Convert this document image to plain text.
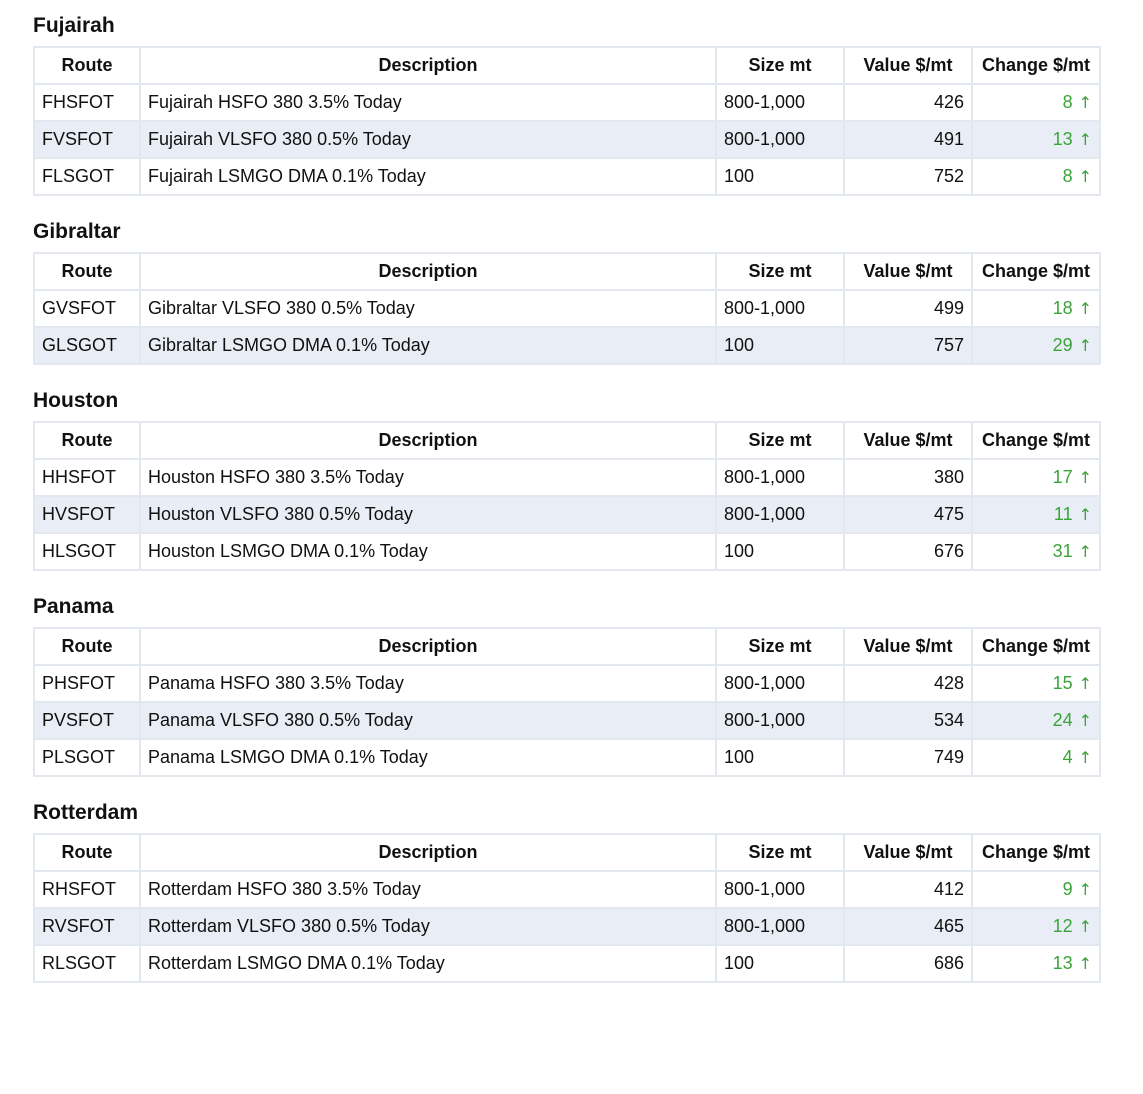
Fujairah
Route	Description	Size mt	Value $/mt	Change $/mt
FHSFOT	Fujairah HSFO 380 3.5% Today	800-1,000	426	8 ↑
FVSFOT	Fujairah VLSFO 380 0.5% Today	800-1,000	491	13 ↑
FLSGOT	Fujairah LSMGO DMA 0.1% Today	100	752	8 ↑
Gibraltar
Route	Description	Size mt	Value $/mt	Change $/mt
GVSFOT	Gibraltar VLSFO 380 0.5% Today	800-1,000	499	18 ↑
GLSGOT	Gibraltar LSMGO DMA 0.1% Today	100	757	29 ↑
Houston
Route	Description	Size mt	Value $/mt	Change $/mt
HHSFOT	Houston HSFO 380 3.5% Today	800-1,000	380	17 ↑
HVSFOT	Houston VLSFO 380 0.5% Today	800-1,000	475	11 ↑
HLSGOT	Houston LSMGO DMA 0.1% Today	100	676	31 ↑
Panama
Route	Description	Size mt	Value $/mt	Change $/mt
PHSFOT	Panama HSFO 380 3.5% Today	800-1,000	428	15 ↑
PVSFOT	Panama VLSFO 380 0.5% Today	800-1,000	534	24 ↑
PLSGOT	Panama LSMGO DMA 0.1% Today	100	749	4 ↑
Rotterdam
Route	Description	Size mt	Value $/mt	Change $/mt
RHSFOT	Rotterdam HSFO 380 3.5% Today	800-1,000	412	9 ↑
RVSFOT	Rotterdam VLSFO 380 0.5% Today	800-1,000	465	12 ↑
RLSGOT	Rotterdam LSMGO DMA 0.1% Today	100	686	13 ↑
